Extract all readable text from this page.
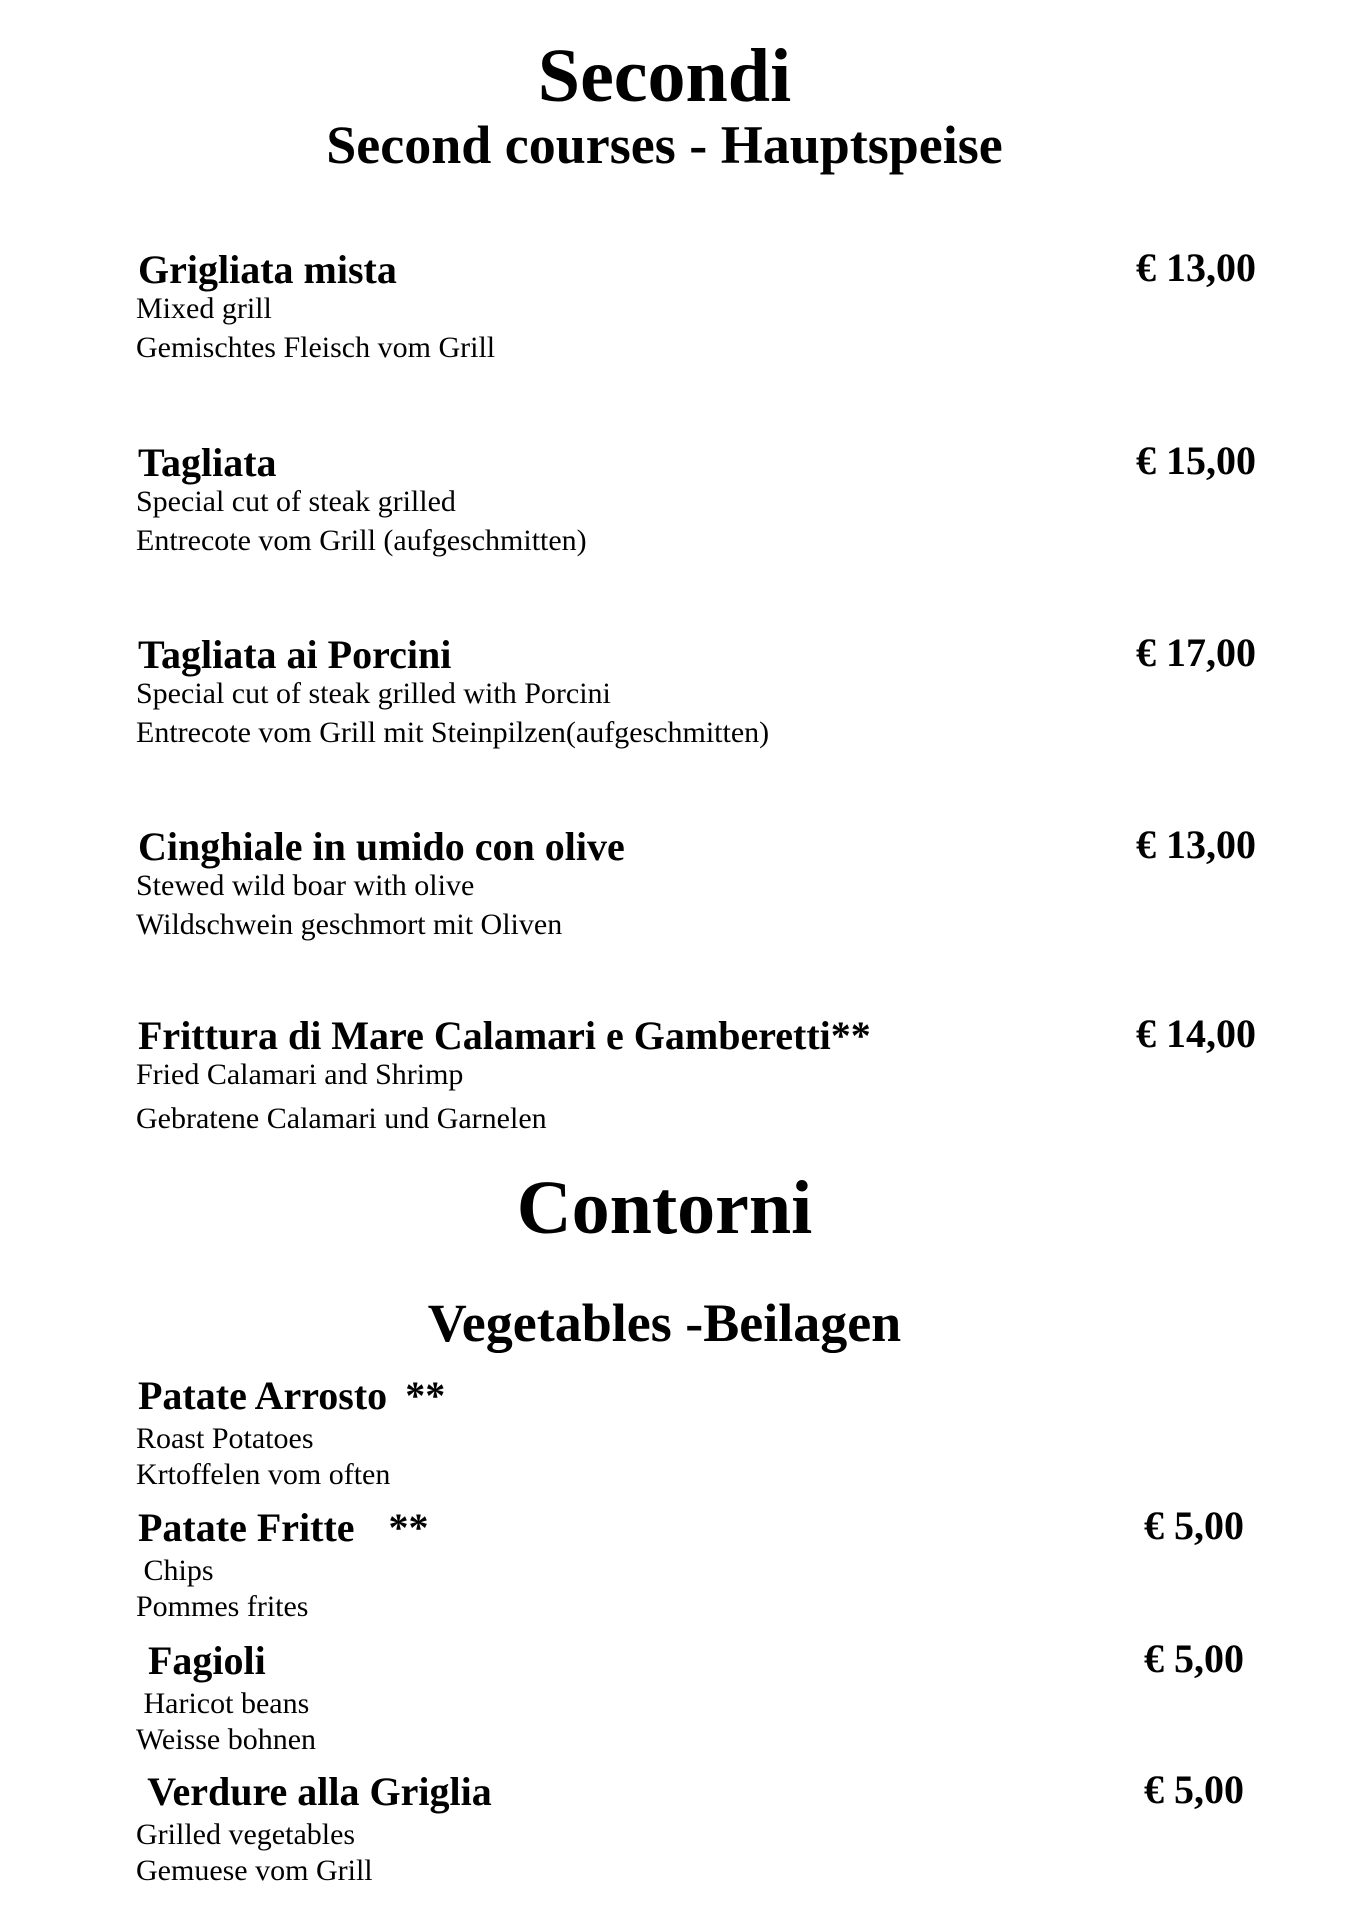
Secondi
Second courses - Hauptspeise
Grigliata mista	€ 13,00
Mixed grill
Gemischtes Fleisch vom Grill
Tagliata	€ 15,00
Special cut of steak grilled
Entrecote vom Grill (aufgeschmitten)
Tagliata ai Porcini	€ 17,00
Special cut of steak grilled with Porcini
Entrecote vom Grill mit Steinpilzen(aufgeschmitten)
Cinghiale in umido con olive	€ 13,00
Stewed wild boar with olive
Wildschwein geschmort mit Oliven
Frittura di Mare Calamari e Gamberetti**	€ 14,00
Fried Calamari and Shrimp
Gebratene Calamari und Garnelen
Contorni
Vegetables -Beilagen
Patate Arrosto **
Roast Potatoes
Krtoffelen vom often
Patate Fritte **	€ 5,00
Chips
Pommes frites
Fagioli	€ 5,00
Haricot beans
Weisse bohnen
Verdure alla Griglia	€ 5,00
Grilled vegetables
Gemuese vom Grill
